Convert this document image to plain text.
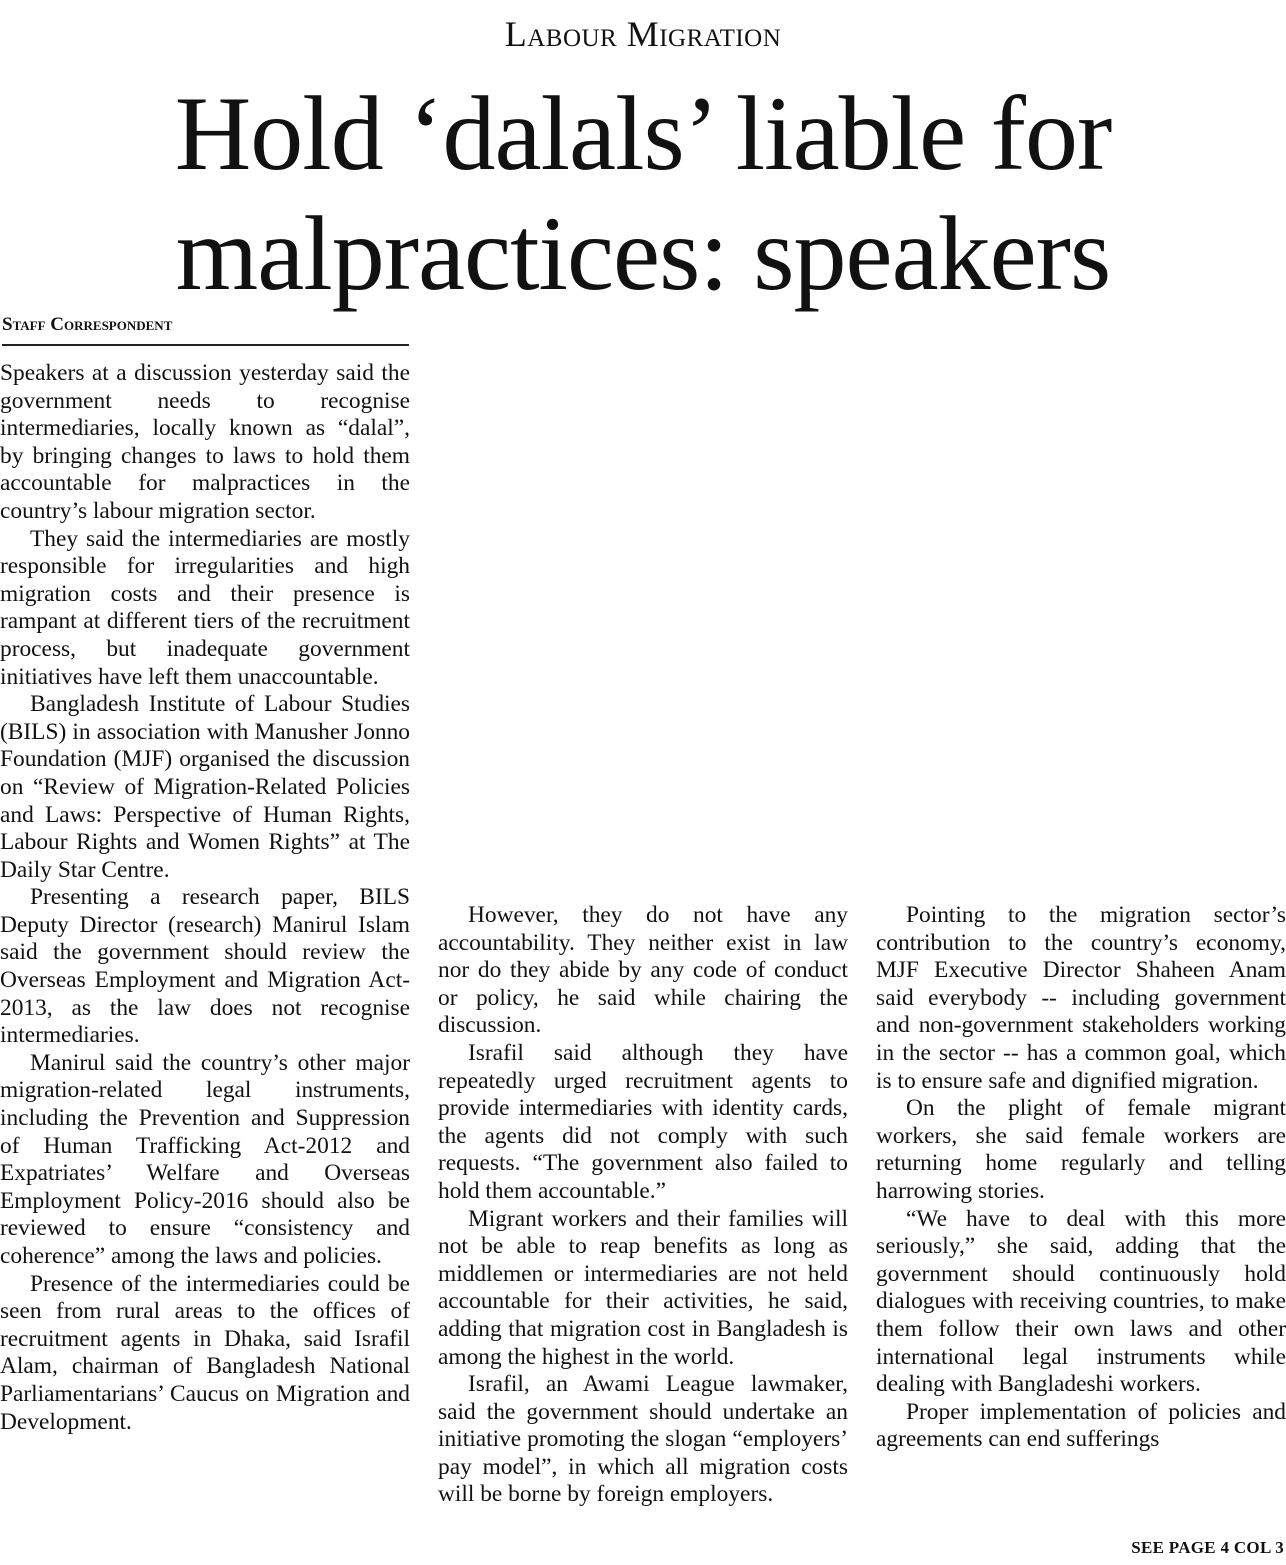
Labour Migration
Hold ‘dalals’ liable for
malpractices: speakers
Staff Correspondent

Speakers at a discussion yesterday said the government needs to recognise intermediaries, locally known as “dalal”, by bringing changes to laws to hold them accountable for malpractices in the country’s labour migration sector.

They said the intermediaries are mostly responsible for irregularities and high migration costs and their presence is rampant at different tiers of the recruitment process, but inadequate government initiatives have left them unaccountable.

Bangladesh Institute of Labour Studies (BILS) in association with Manusher Jonno Foundation (MJF) organised the discussion on “Review of Migration-Related Policies and Laws: Perspective of Human Rights, Labour Rights and Women Rights” at The Daily Star Centre.

Presenting a research paper, BILS Deputy Director (research) Manirul Islam said the government should review the Overseas Employment and Migration Act-2013, as the law does not recognise intermediaries.

Manirul said the country’s other major migration-related legal instruments, including the Prevention and Suppression of Human Trafficking Act-2012 and Expatriates’ Welfare and Overseas Employment Policy-2016 should also be reviewed to ensure “consistency and coherence” among the laws and policies.

Presence of the intermediaries could be seen from rural areas to the offices of recruitment agents in Dhaka, said Israfil Alam, chairman of Bangladesh National Parliamentarians’ Caucus on Migration and Development.

However, they do not have any accountability. They neither exist in law nor do they abide by any code of conduct or policy, he said while chairing the discussion.

Israfil said although they have repeatedly urged recruitment agents to provide intermediaries with identity cards, the agents did not comply with such requests. “The government also failed to hold them accountable.”

Migrant workers and their families will not be able to reap benefits as long as middlemen or intermediaries are not held accountable for their activities, he said, adding that migration cost in Bangladesh is among the highest in the world.

Israfil, an Awami League lawmaker, said the government should undertake an initiative promoting the slogan “employers’ pay model”, in which all migration costs will be borne by foreign employers.

Pointing to the migration sector’s contribution to the country’s economy, MJF Executive Director Shaheen Anam said everybody -- including government and non-government stakeholders working in the sector -- has a common goal, which is to ensure safe and dignified migration.

On the plight of female migrant workers, she said female workers are returning home regularly and telling harrowing stories.

“We have to deal with this more seriously,” she said, adding that the government should continuously hold dialogues with receiving countries, to make them follow their own laws and other international legal instruments while dealing with Bangladeshi workers.

Proper implementation of policies and agreements can end sufferings

SEE PAGE 4 COL 3
